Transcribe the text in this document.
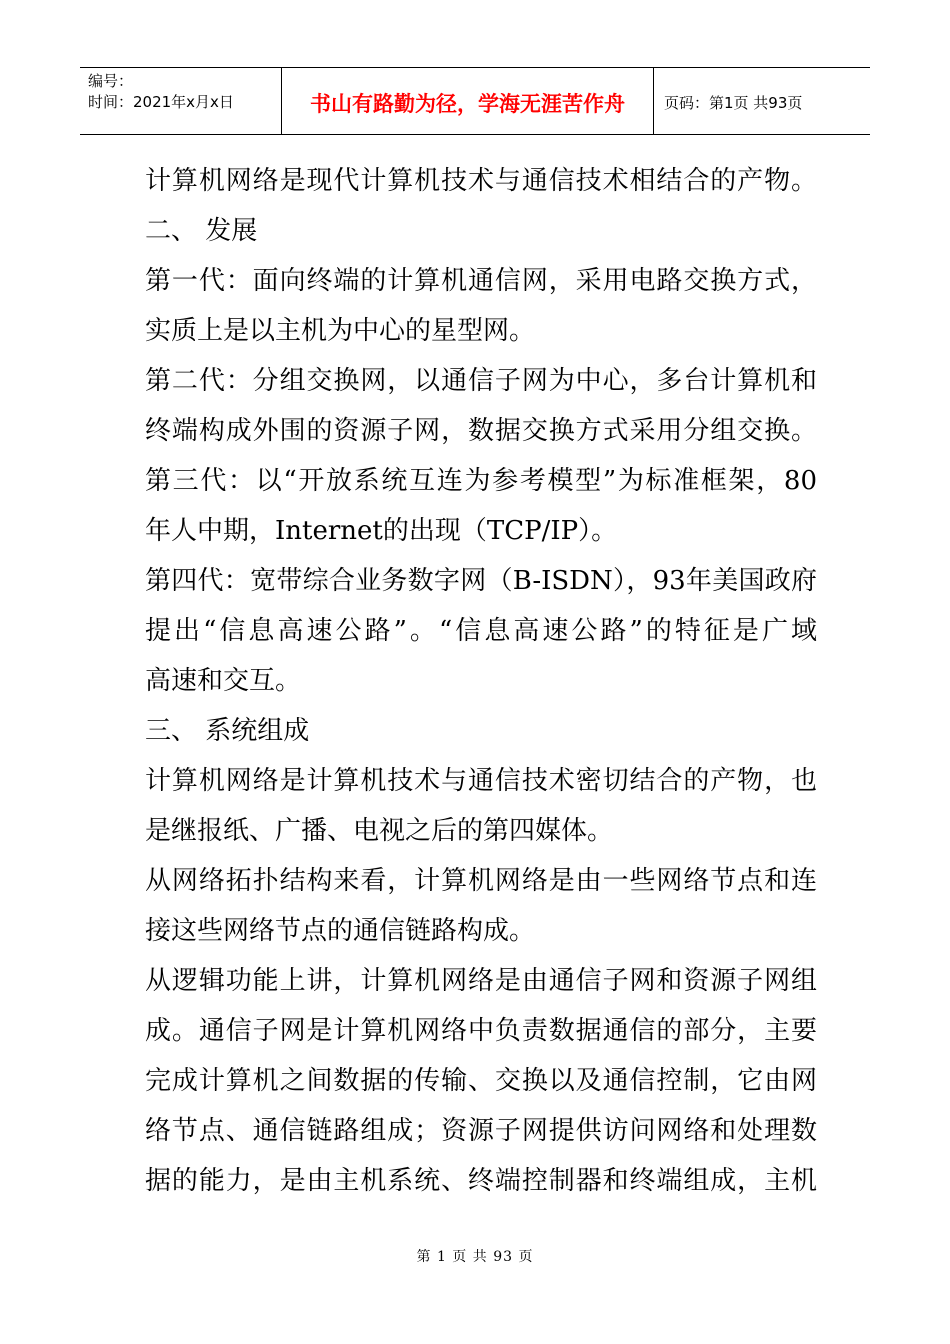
编号：
时间：2021年x月x日	书山有路勤为径，学海无涯苦作舟	页码：第1页 共93页
计算机网络是现代计算机技术与通信技术相结合的产物。
二、 发展
第一代：面向终端的计算机通信网，采用电路交换方式，
实质上是以主机为中心的星型网。
第二代：分组交换网，以通信子网为中心，多台计算机和
终端构成外围的资源子网，数据交换方式采用分组交换。
第三代：以“开放系统互连为参考模型”为标准框架，80
年人中期，Internet的出现（TCP/IP）。
第四代：宽带综合业务数字网（B-ISDN），93年美国政府
提出“信息高速公路”。“信息高速公路”的特征是广域
高速和交互。
三、 系统组成
计算机网络是计算机技术与通信技术密切结合的产物，也
是继报纸、广播、电视之后的第四媒体。
从网络拓扑结构来看，计算机网络是由一些网络节点和连
接这些网络节点的通信链路构成。
从逻辑功能上讲，计算机网络是由通信子网和资源子网组
成。通信子网是计算机网络中负责数据通信的部分，主要
完成计算机之间数据的传输、交换以及通信控制，它由网
络节点、通信链路组成；资源子网提供访问网络和处理数
据的能力，是由主机系统、终端控制器和终端组成，主机
第 1 页 共 93 页
